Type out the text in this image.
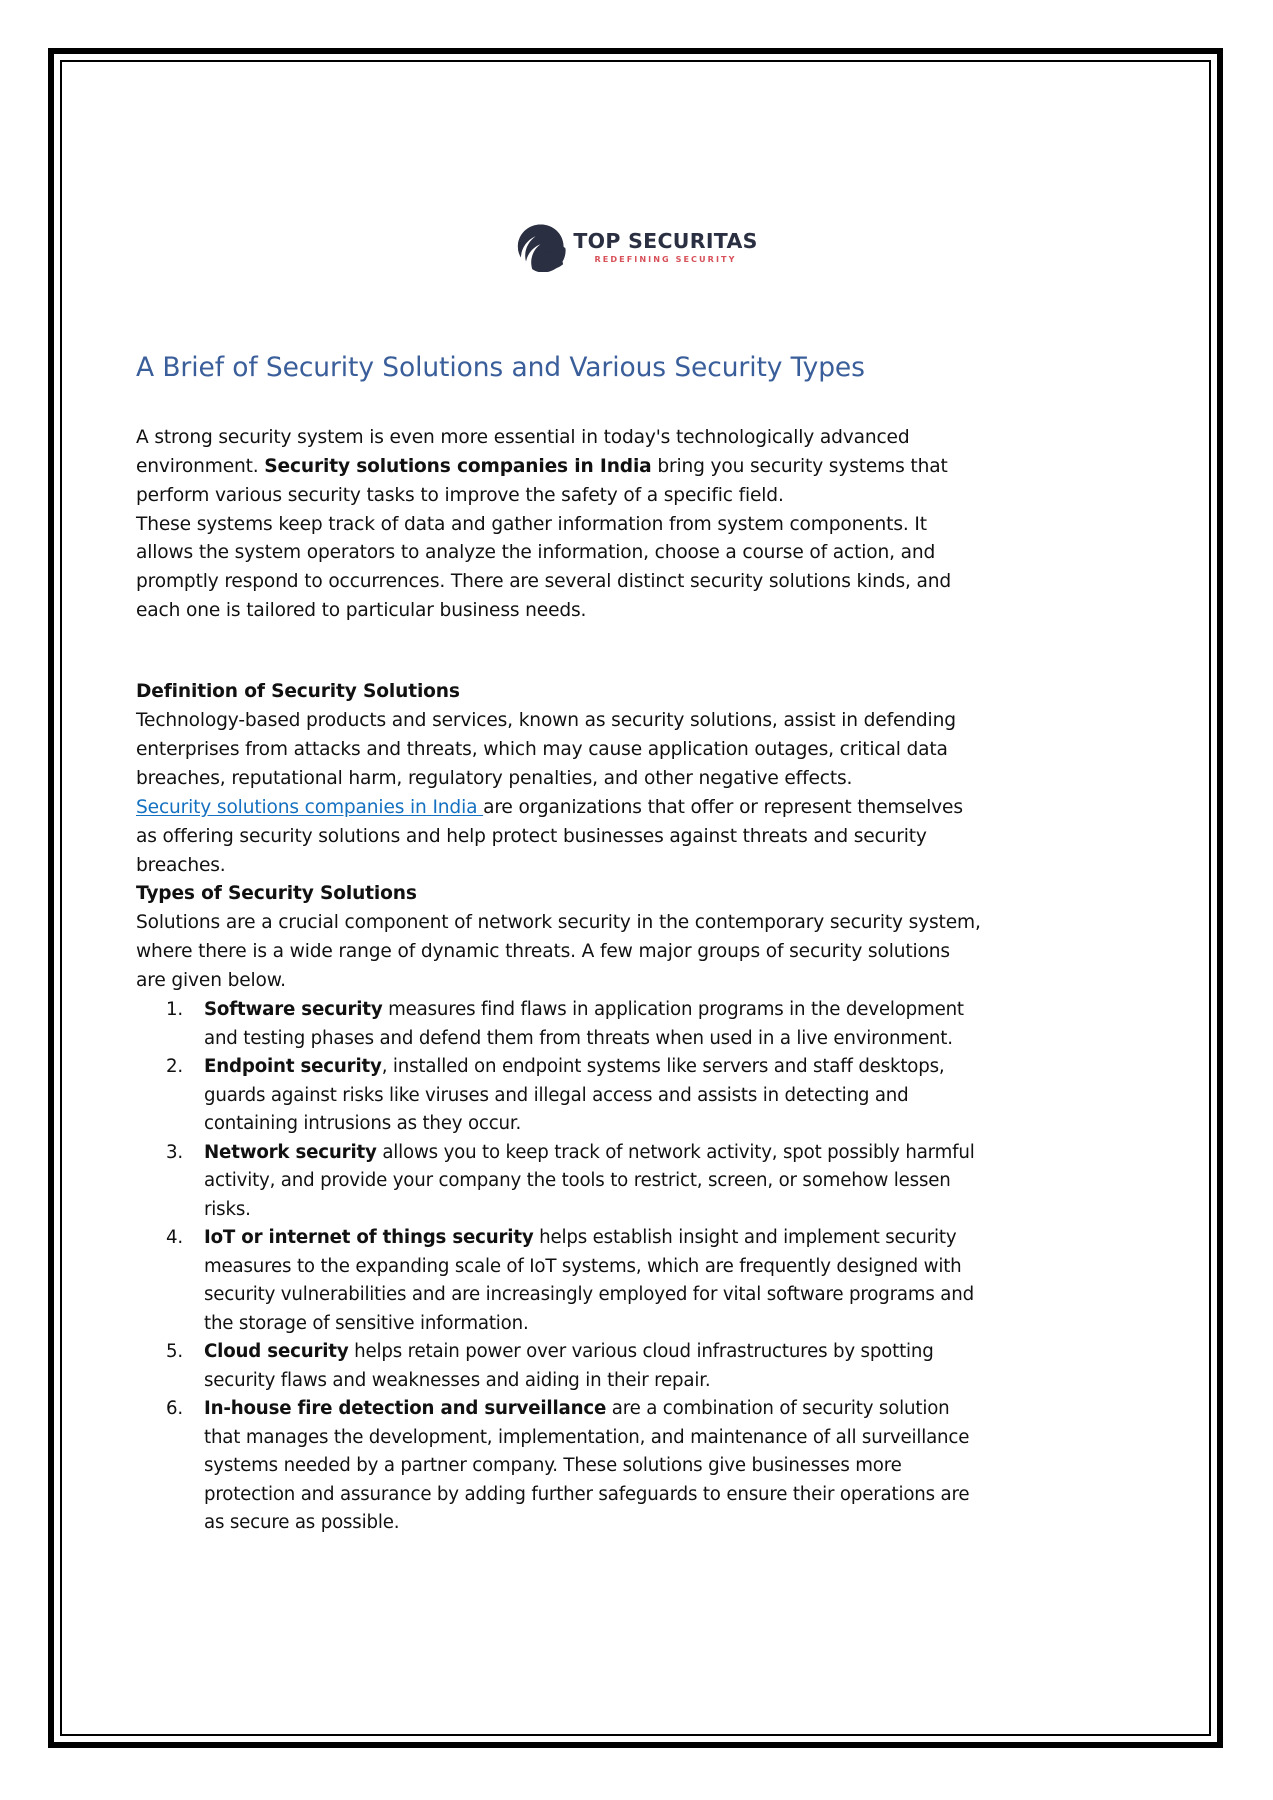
TOP SECURITAS
REDEFINING SECURITY
A Brief of Security Solutions and Various Security Types

A strong security system is even more essential in today's technologically advanced environment. Security solutions companies in India bring you security systems that perform various security tasks to improve the safety of a specific field.

These systems keep track of data and gather information from system components. It allows the system operators to analyze the information, choose a course of action, and promptly respond to occurrences. There are several distinct security solutions kinds, and each one is tailored to particular business needs.

Definition of Security Solutions

Technology-based products and services, known as security solutions, assist in defending enterprises from attacks and threats, which may cause application outages, critical data breaches, reputational harm, regulatory penalties, and other negative effects.

Security solutions companies in India are organizations that offer or represent themselves as offering security solutions and help protect businesses against threats and security breaches.

Types of Security Solutions

Solutions are a crucial component of network security in the contemporary security system, where there is a wide range of dynamic threats. A few major groups of security solutions are given below.

Software security measures find flaws in application programs in the development and testing phases and defend them from threats when used in a live environment.
Endpoint security, installed on endpoint systems like servers and staff desktops, guards against risks like viruses and illegal access and assists in detecting and containing intrusions as they occur.
Network security allows you to keep track of network activity, spot possibly harmful activity, and provide your company the tools to restrict, screen, or somehow lessen risks.
IoT or internet of things security helps establish insight and implement security measures to the expanding scale of IoT systems, which are frequently designed with security vulnerabilities and are increasingly employed for vital software programs and the storage of sensitive information.
Cloud security helps retain power over various cloud infrastructures by spotting security flaws and weaknesses and aiding in their repair.
In-house fire detection and surveillance are a combination of security solution that manages the development, implementation, and maintenance of all surveillance systems needed by a partner company. These solutions give businesses more protection and assurance by adding further safeguards to ensure their operations are as secure as possible.
